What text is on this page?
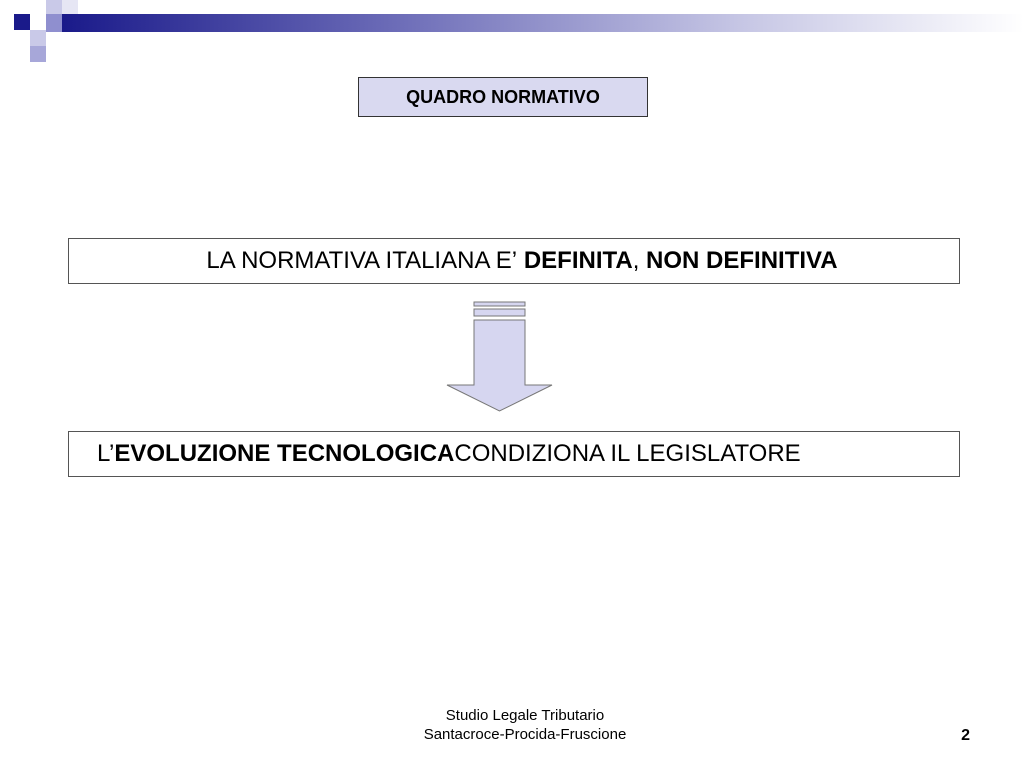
QUADRO NORMATIVO
LA NORMATIVA ITALIANA E’
DEFINITA ,
NON DEFINITIVA
L’ EVOLUZIONE TECNOLOGICA CONDIZIONA IL LEGISLATORE
Studio Legale Tributario
Santacroce-Procida-Fruscione	2
